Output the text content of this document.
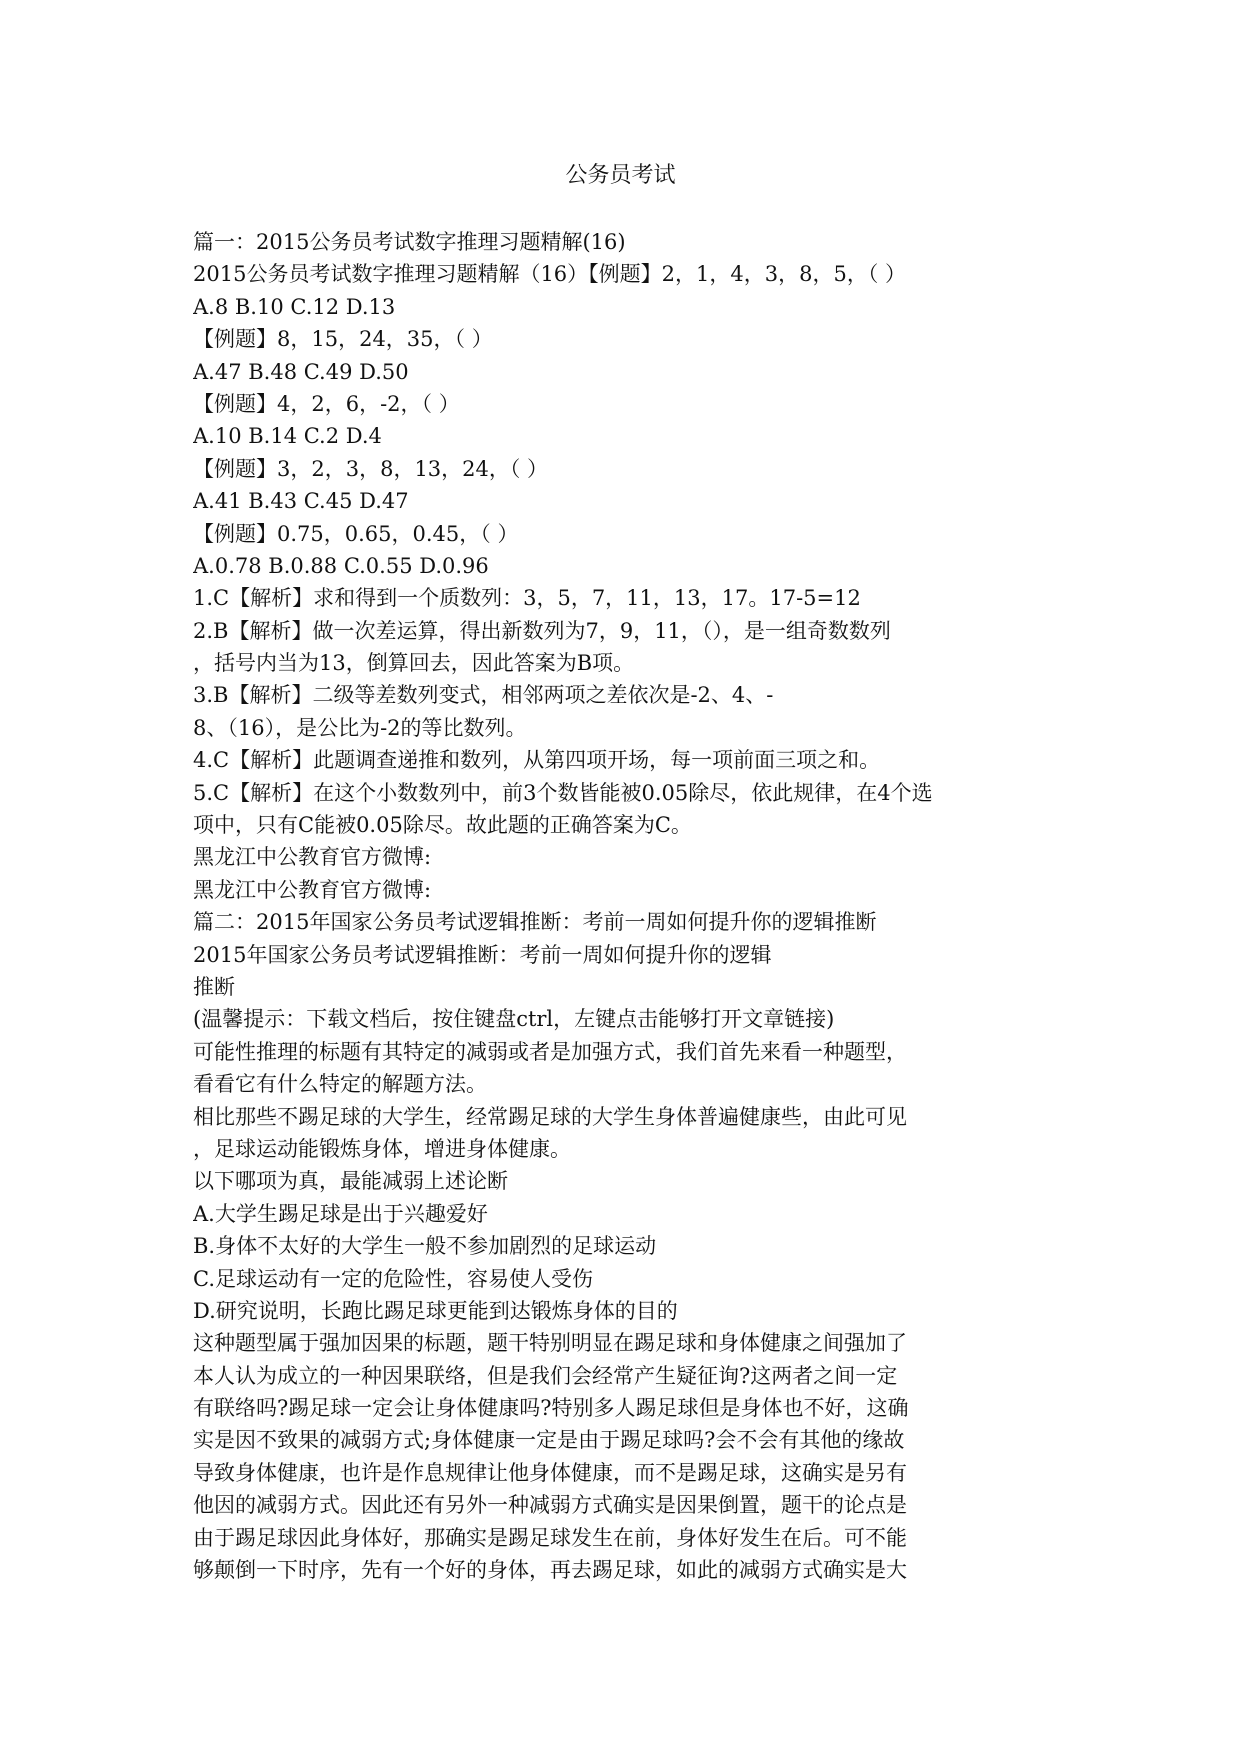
公务员考试
篇一：2015公务员考试数字推理习题精解(16)
2015公务员考试数字推理习题精解（16）【例题】2，1，4，3，8，5，（ ）
A.8 B.10 C.12 D.13
【例题】8，15，24，35，（ ）
A.47 B.48 C.49 D.50
【例题】4，2，6，-2，（ ）
A.10 B.14 C.2 D.4
【例题】3，2，3，8，13，24，（ ）
A.41 B.43 C.45 D.47
【例题】0.75，0.65，0.45，（ ）
A.0.78 B.0.88 C.0.55 D.0.96
1.C【解析】求和得到一个质数列：3，5，7，11，13，17。17-5=12
2.B【解析】做一次差运算，得出新数列为7，9，11，（），是一组奇数数列
，括号内当为13，倒算回去，因此答案为B项。
3.B【解析】二级等差数列变式，相邻两项之差依次是-2、4、-
8、（16），是公比为-2的等比数列。
4.C【解析】此题调查递推和数列，从第四项开场，每一项前面三项之和。
5.C【解析】在这个小数数列中，前3个数皆能被0.05除尽，依此规律，在4个选
项中，只有C能被0.05除尽。故此题的正确答案为C。
黑龙江中公教育官方微博:
黑龙江中公教育官方微博:
篇二：2015年国家公务员考试逻辑推断：考前一周如何提升你的逻辑推断
2015年国家公务员考试逻辑推断：考前一周如何提升你的逻辑
推断
(温馨提示：下载文档后，按住键盘ctrl，左键点击能够打开文章链接)
可能性推理的标题有其特定的减弱或者是加强方式，我们首先来看一种题型，
看看它有什么特定的解题方法。
相比那些不踢足球的大学生，经常踢足球的大学生身体普遍健康些，由此可见
，足球运动能锻炼身体，增进身体健康。
以下哪项为真，最能减弱上述论断
A.大学生踢足球是出于兴趣爱好
B.身体不太好的大学生一般不参加剧烈的足球运动
C.足球运动有一定的危险性，容易使人受伤
D.研究说明，长跑比踢足球更能到达锻炼身体的目的
这种题型属于强加因果的标题，题干特别明显在踢足球和身体健康之间强加了
本人认为成立的一种因果联络，但是我们会经常产生疑征询?这两者之间一定
有联络吗?踢足球一定会让身体健康吗?特别多人踢足球但是身体也不好，这确
实是因不致果的减弱方式;身体健康一定是由于踢足球吗?会不会有其他的缘故
导致身体健康，也许是作息规律让他身体健康，而不是踢足球，这确实是另有
他因的减弱方式。因此还有另外一种减弱方式确实是因果倒置，题干的论点是
由于踢足球因此身体好，那确实是踢足球发生在前，身体好发生在后。可不能
够颠倒一下时序，先有一个好的身体，再去踢足球，如此的减弱方式确实是大
